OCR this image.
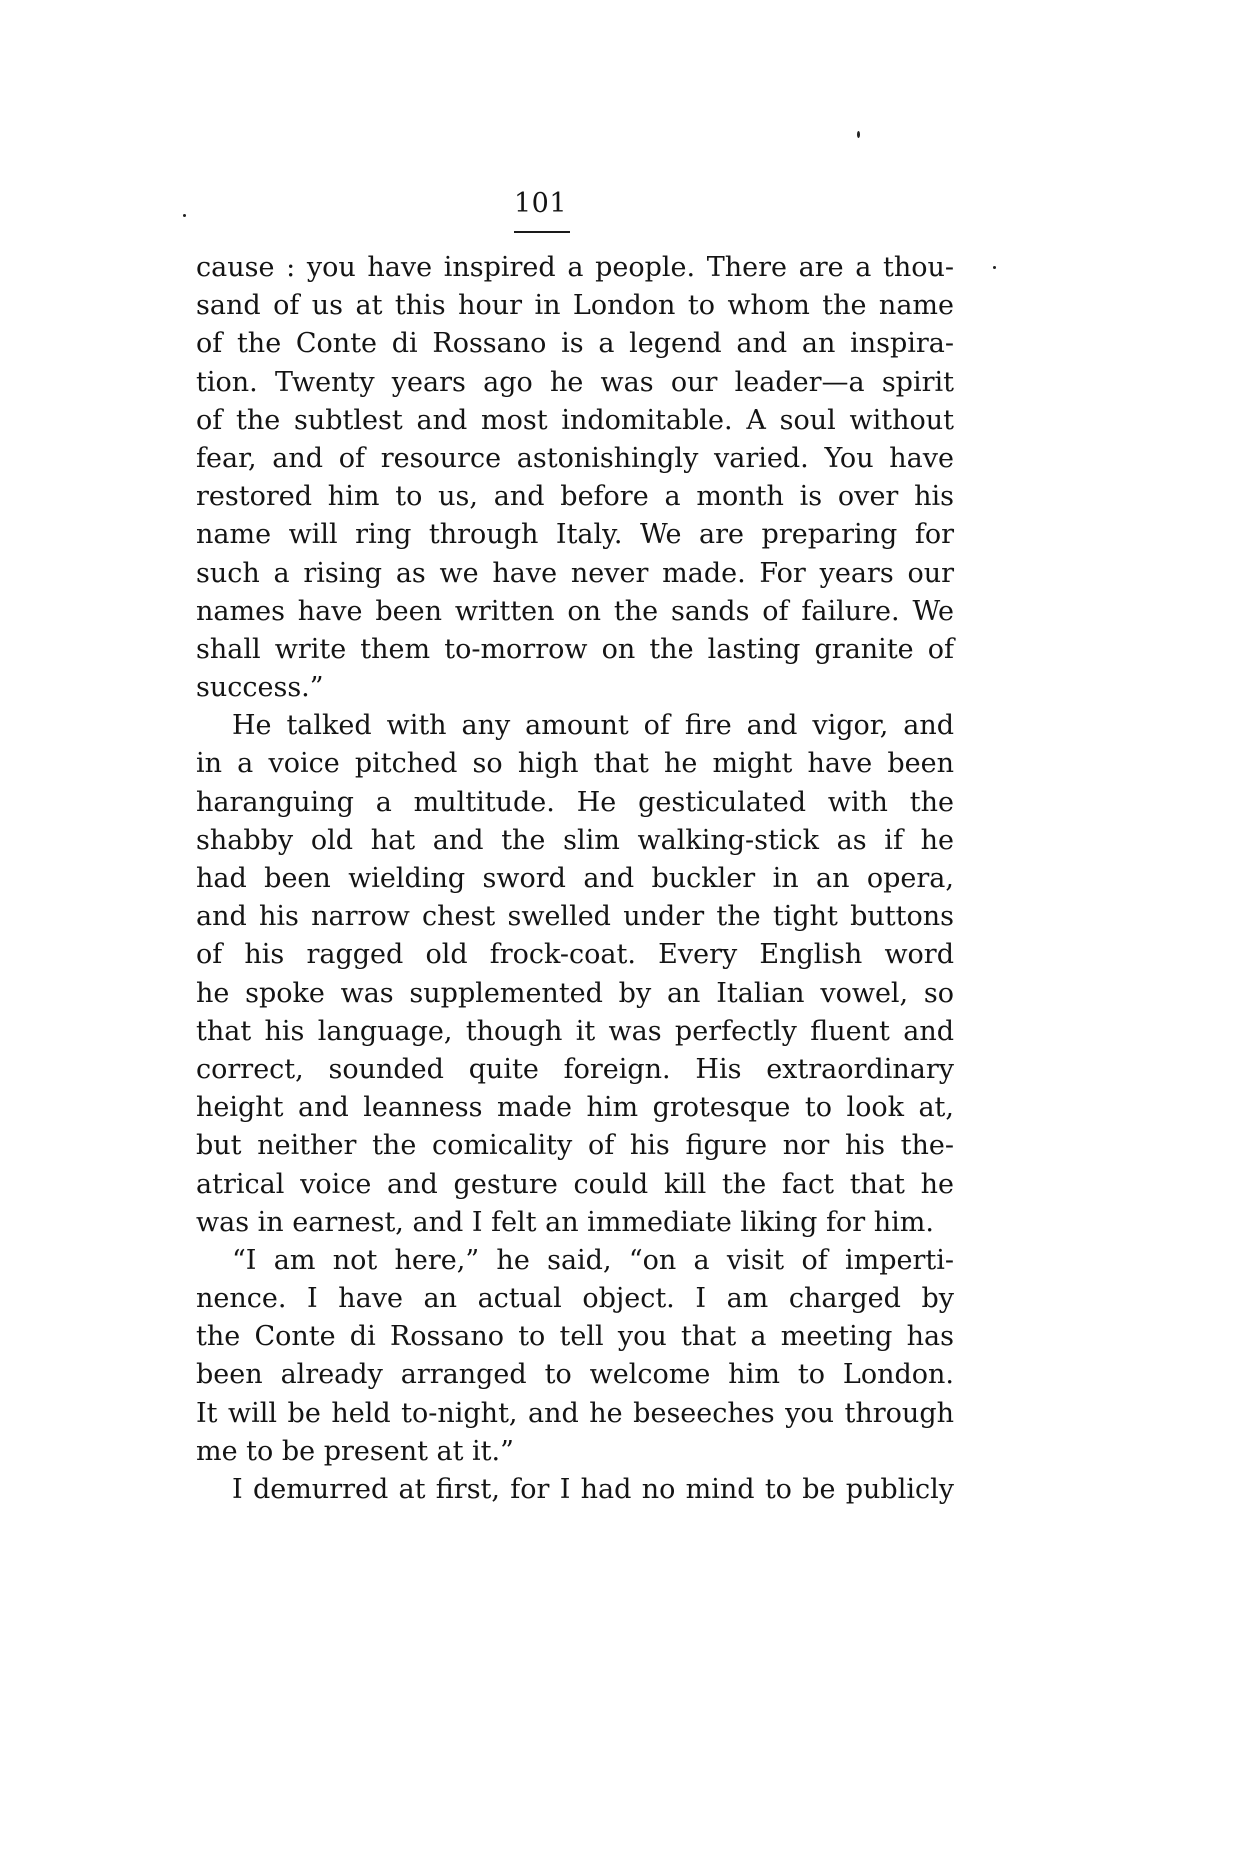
101
cause : you have inspired a people. There are a thou-
sand of us at this hour in London to whom the name
of the Conte di Rossano is a legend and an inspira-
tion. Twenty years ago he was our leader—a spirit
of the subtlest and most indomitable. A soul without
fear, and of resource astonishingly varied. You have
restored him to us, and before a month is over his
name will ring through Italy. We are preparing for
such a rising as we have never made. For years our
names have been written on the sands of failure. We
shall write them to-morrow on the lasting granite of
success.”
He talked with any amount of fire and vigor, and
in a voice pitched so high that he might have been
haranguing a multitude. He gesticulated with the
shabby old hat and the slim walking-stick as if he
had been wielding sword and buckler in an opera,
and his narrow chest swelled under the tight buttons
of his ragged old frock-coat. Every English word
he spoke was supplemented by an Italian vowel, so
that his language, though it was perfectly fluent and
correct, sounded quite foreign. His extraordinary
height and leanness made him grotesque to look at,
but neither the comicality of his figure nor his the-
atrical voice and gesture could kill the fact that he
was in earnest, and I felt an immediate liking for him.
“I am not here,” he said, “on a visit of imperti-
nence. I have an actual object. I am charged by
the Conte di Rossano to tell you that a meeting has
been already arranged to welcome him to London.
It will be held to-night, and he beseeches you through
me to be present at it.”
I demurred at first, for I had no mind to be publicly
